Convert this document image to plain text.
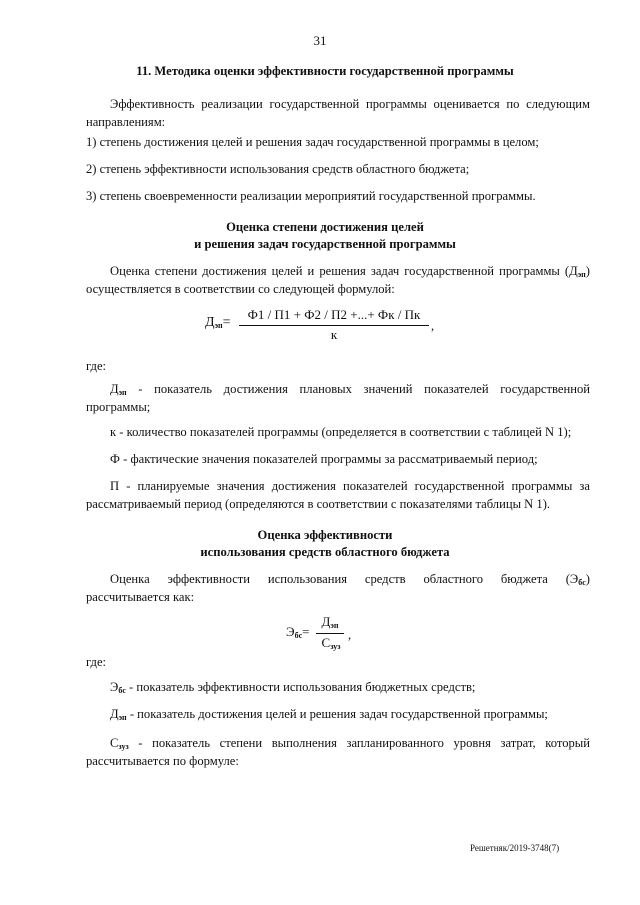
31
11. Методика оценки эффективности государственной программы
Эффективность реализации государственной программы оценивается по следующим
направлениям:
1) степень достижения целей и решения задач государственной программы в целом;
2) степень эффективности использования средств областного бюджета;
3) степень своевременности реализации мероприятий государственной программы.
Оценка степени достижения целей
и решения задач государственной программы
Оценка степени достижения целей и решения задач государственной программы $(Д_{эп})$
осуществляется в соответствии со следующей формулой:
$Д_{эп}=$
Ф1 / П1 + Ф2 / П2 +...+ Фк / Пк
к
,
где:
$Д_{эп}$ - показатель достижения плановых значений показателей государственной
программы;
к - количество показателей программы (определяется в соответствии с таблицей N 1);
Ф - фактические значения показателей программы за рассматриваемый период;
П - планируемые значения достижения показателей государственной программы за
рассматриваемый период (определяются в соответствии с показателями таблицы N 1).
Оценка эффективности
использования средств областного бюджета
Оценка эффективности использования средств областного бюджета $(Э_{бс})$
рассчитывается как:
$Э_{бс}=$
$Д_{эп}$
$С_{зуз}$
,
где:
$Э_{бс}$ - показатель эффективности использования бюджетных средств;
$Д_{эп}$ - показатель достижения целей и решения задач государственной программы;
$С_{зуз}$ - показатель степени выполнения запланированного уровня затрат, который
рассчитывается по формуле:
Решетняк/2019-3748(7)
